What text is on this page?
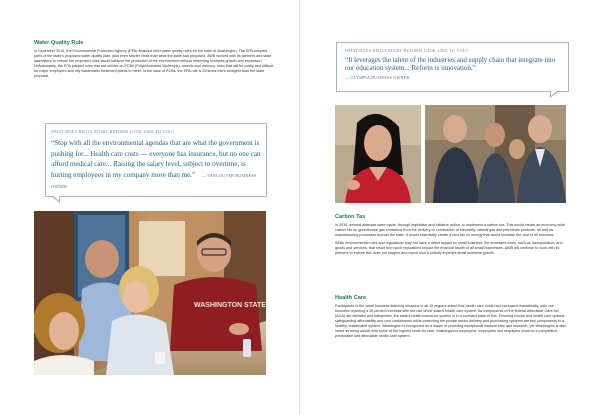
Water Quality Rule
In November 2016, the Environmental Protection Agency (EPA) finalized strict water quality rules for the state of Washington. The EPA adopted parts of the state's proposed water quality plan, plus even stricter limits than what the state had proposed. AWB worked with its partners and state lawmakers to ensure the proposed rules would balance the protection of the environment without restricting business growth and expansion. Unfortunately, the EPA passed rules that are stricter on PCBs (Polychlorinated Biphenyls), arsenic and mercury, rules that will be costly and difficult for major employers and city wastewater treatment plants to meet. In the case of PCBs, the EPA rule is 25 times more stringent than the state proposal.
WHAT DOES REGULATORY REFORM LOOK LIKE TO YOU?
“Stop with all the environmental agendas that are what the government is pushing for... Health care costs — everyone has insurance, but no one can afford medical care... Raising the salary level, subject to overtime, is hurting employees in my company more than me.” — VANCOUVER BUSINESS OWNER
WASHINGTON STATE
WHAT DOES REGULATORY REFORM LOOK LIKE TO YOU?
“It leverages the talent of the industries and supply chain that integrate into our education system... Reform is innovation.”
— OLYMPIA BUSINESS OWNER
Carbon Tax

In 2016, several attempts were made, through legislative and initiative action, to implement a carbon tax. This would create an economy-wide carbon tax on greenhouse gas emissions from the delivery or combustion of electricity, natural gas and petroleum products, as well as manufacturing processes around the state. It would essentially create a new tax on energy that would increase the cost to all business.

While environmental rules and regulations may not have a direct impact on small business, the increased costs, such as transportation, and goods and services, that result from such regulations impact the financial health of all small businesses. AWB will continue to work with its partners to ensure this does not happen and report how it unfairly impedes small business growth.

Health Care
Participants in the small business listening sessions in all 15 regions stated that health care costs had increased dramatically, with one business reporting a 40 percent increase with the use of the state's health care system. As components of the federal Affordable Care Act (ACA) are debated and interpreted, the state's health insurance system is in a constant state of flux. Ensuring choice and health care options, safeguarding affordability and cost containment while protecting the private sector delivery and purchasing systems are key components to a healthy, sustainable system. Washington is recognized as a leader in providing exceptional medical care and research, yet Washington is also noted as being astute with some of the highest costs for care. Washington's employers, employees and taxpayers deserve a competitive, predictable and affordable health care system.
